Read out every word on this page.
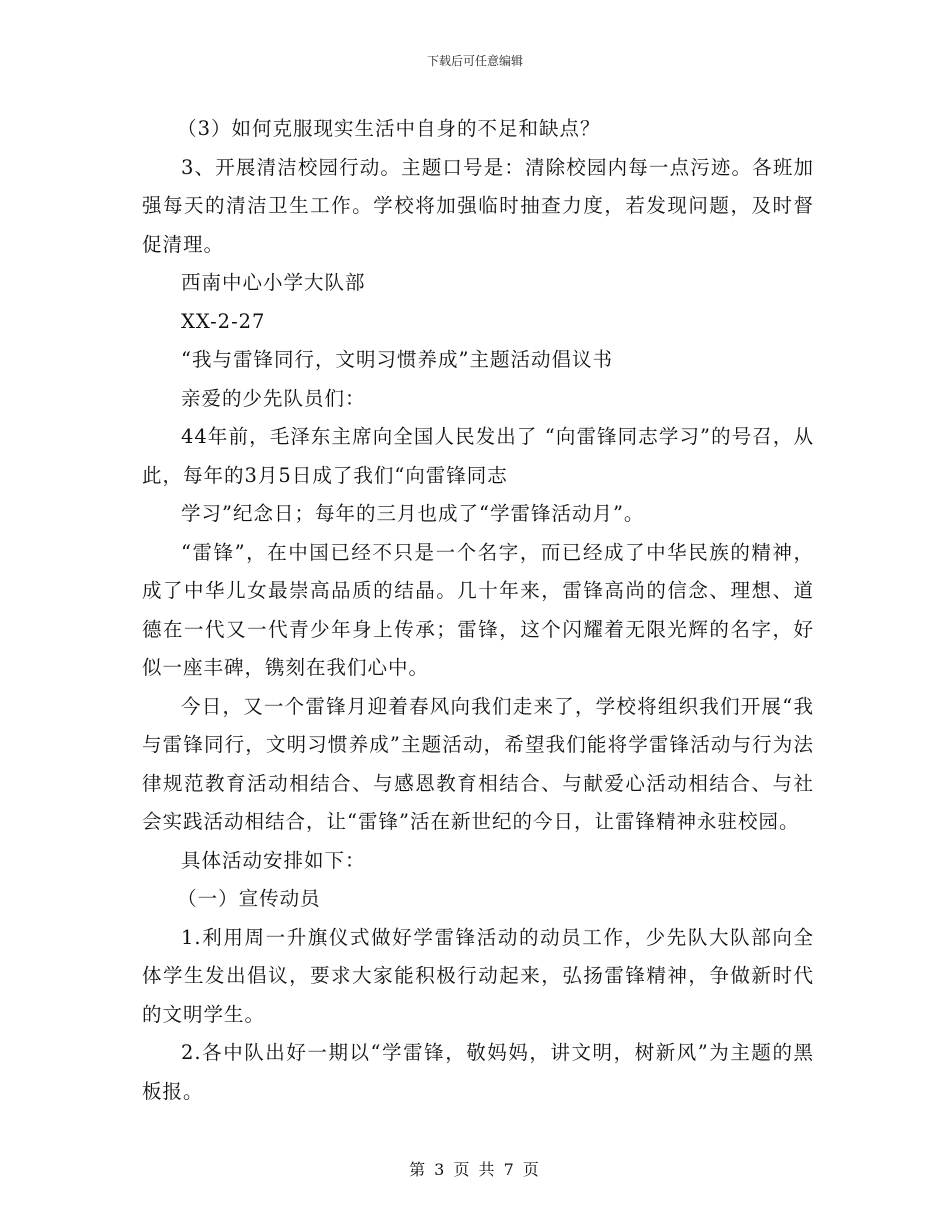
下载后可任意编辑

（3）如何克服现实生活中自身的不足和缺点？

3、开展清洁校园行动。主题口号是：清除校园内每一点污迹。各班加强每天的清洁卫生工作。学校将加强临时抽查力度，若发现问题，及时督促清理。

西南中心小学大队部

XX-2-27

“我与雷锋同行，文明习惯养成”主题活动倡议书

亲爱的少先队员们：

44年前，毛泽东主席向全国人民发出了 “向雷锋同志学习”的号召，从此，每年的3月5日成了我们“向雷锋同志

学习”纪念日；每年的三月也成了“学雷锋活动月”。

“雷锋”，在中国已经不只是一个名字，而已经成了中华民族的精神，成了中华儿女最崇高品质的结晶。几十年来，雷锋高尚的信念、理想、道德在一代又一代青少年身上传承；雷锋，这个闪耀着无限光辉的名字，好似一座丰碑，镌刻在我们心中。

今日，又一个雷锋月迎着春风向我们走来了，学校将组织我们开展“我与雷锋同行，文明习惯养成”主题活动，希望我们能将学雷锋活动与行为法律规范教育活动相结合、与感恩教育相结合、与献爱心活动相结合、与社会实践活动相结合，让“雷锋”活在新世纪的今日，让雷锋精神永驻校园。

具体活动安排如下：

（一）宣传动员

1.利用周一升旗仪式做好学雷锋活动的动员工作，少先队大队部向全体学生发出倡议，要求大家能积极行动起来，弘扬雷锋精神，争做新时代的文明学生。

2.各中队出好一期以“学雷锋，敬妈妈，讲文明，树新风”为主题的黑板报。

第 3 页 共 7 页
